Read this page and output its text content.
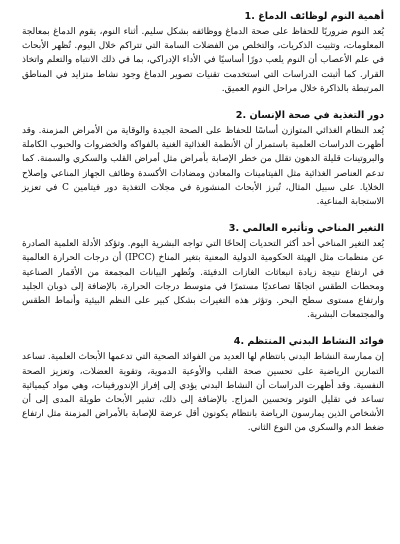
أهمية النوم لوظائف الدماغ .1

يُعد النوم ضروريًا للحفاظ على صحة الدماغ ووظائفه بشكل سليم. أثناء النوم، يقوم الدماغ بمعالجة المعلومات، وتثبيت الذكريات، والتخلص من الفضلات السامة التي تتراكم خلال اليوم. تُظهر الأبحاث في علم الأعصاب أن النوم يلعب دورًا أساسيًا في الأداء الإدراكي، بما في ذلك الانتباه والتعلم واتخاذ القرار. كما أثبتت الدراسات التي استخدمت تقنيات تصوير الدماغ وجود نشاط متزايد في المناطق المرتبطة بالذاكرة خلال مراحل النوم العميق.

دور التغذية في صحة الإنسان .2

يُعد النظام الغذائي المتوازن أساسًا للحفاظ على الصحة الجيدة والوقاية من الأمراض المزمنة. وقد أظهرت الدراسات العلمية باستمرار أن الأنظمة الغذائية الغنية بالفواكه والخضروات والحبوب الكاملة والبروتينات قليلة الدهون تقلل من خطر الإصابة بأمراض مثل أمراض القلب والسكري والسمنة. كما تدعم العناصر الغذائية مثل الفيتامينات والمعادن ومضادات الأكسدة وظائف الجهاز المناعي وإصلاح الخلايا. على سبيل المثال، تُبرز الأبحاث المنشورة في مجلات التغذية دور فيتامين C في تعزيز الاستجابة المناعية.

التغير المناخي وتأثيره العالمي .3

يُعد التغير المناخي أحد أكثر التحديات إلحاحًا التي تواجه البشرية اليوم. وتؤكد الأدلة العلمية الصادرة عن منظمات مثل الهيئة الحكومية الدولية المعنية بتغير المناخ (IPCC) أن درجات الحرارة العالمية في ارتفاع نتيجة زيادة انبعاثات الغازات الدفيئة. وتُظهر البيانات المجمعة من الأقمار الصناعية ومحطات الطقس اتجاهًا تصاعديًا مستمرًا في متوسط درجات الحرارة، بالإضافة إلى ذوبان الجليد وارتفاع مستوى سطح البحر. وتؤثر هذه التغيرات بشكل كبير على النظم البيئية وأنماط الطقس والمجتمعات البشرية.

فوائد النشاط البدني المنتظم .4

إن ممارسة النشاط البدني بانتظام لها العديد من الفوائد الصحية التي تدعمها الأبحاث العلمية. تساعد التمارين الرياضية على تحسين صحة القلب والأوعية الدموية، وتقوية العضلات، وتعزيز الصحة النفسية. وقد أظهرت الدراسات أن النشاط البدني يؤدي إلى إفراز الإندورفينات، وهي مواد كيميائية تساعد في تقليل التوتر وتحسين المزاج. بالإضافة إلى ذلك، تشير الأبحاث طويلة المدى إلى أن الأشخاص الذين يمارسون الرياضة بانتظام يكونون أقل عرضة للإصابة بالأمراض المزمنة مثل ارتفاع ضغط الدم والسكري من النوع الثاني.
